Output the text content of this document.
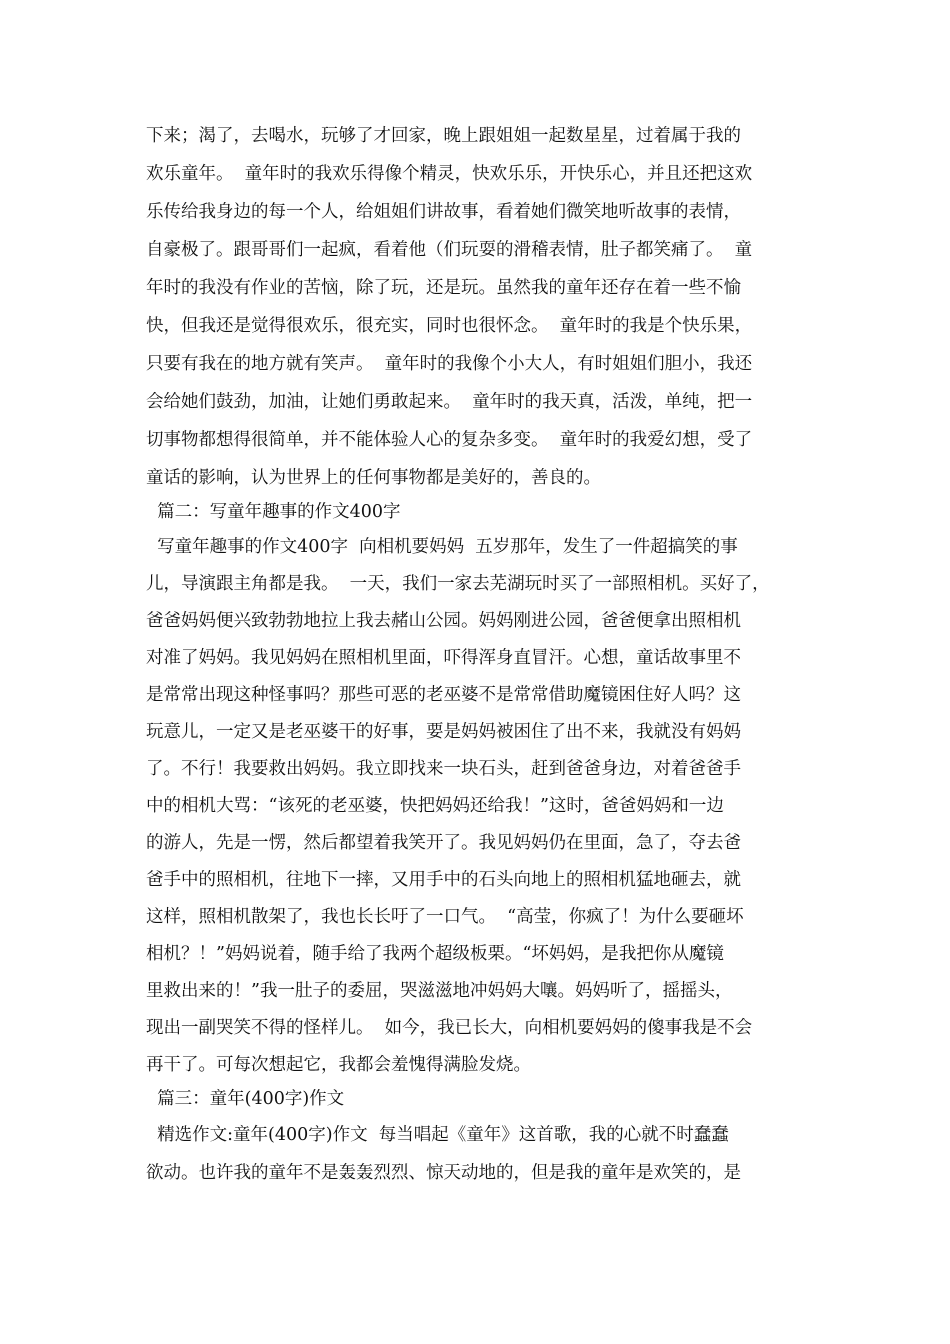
下来；渴了，去喝水，玩够了才回家，晚上跟姐姐一起数星星，过着属于我的
欢乐童年。  童年时的我欢乐得像个精灵，快欢乐乐，开快乐心，并且还把这欢
乐传给我身边的每一个人，给姐姐们讲故事，看着她们微笑地听故事的表情，
自豪极了。跟哥哥们一起疯，看着他（们玩耍的滑稽表情，肚子都笑痛了。  童
年时的我没有作业的苦恼，除了玩，还是玩。虽然我的童年还存在着一些不愉
快，但我还是觉得很欢乐，很充实，同时也很怀念。  童年时的我是个快乐果，
只要有我在的地方就有笑声。  童年时的我像个小大人，有时姐姐们胆小，我还
会给她们鼓劲，加油，让她们勇敢起来。  童年时的我天真，活泼，单纯，把一
切事物都想得很简单，并不能体验人心的复杂多变。  童年时的我爱幻想，受了
童话的影响，认为世界上的任何事物都是美好的，善良的。
篇二：写童年趣事的作文400字
写童年趣事的作文400字  向相机要妈妈  五岁那年，发生了一件超搞笑的事
儿，导演跟主角都是我。  一天，我们一家去芜湖玩时买了一部照相机。买好了，
爸爸妈妈便兴致勃勃地拉上我去赭山公园。妈妈刚进公园，爸爸便拿出照相机
对准了妈妈。我见妈妈在照相机里面，吓得浑身直冒汗。心想，童话故事里不
是常常出现这种怪事吗？那些可恶的老巫婆不是常常借助魔镜困住好人吗？这
玩意儿，一定又是老巫婆干的好事，要是妈妈被困住了出不来，我就没有妈妈
了。不行！我要救出妈妈。我立即找来一块石头，赶到爸爸身边，对着爸爸手
中的相机大骂：“该死的老巫婆，快把妈妈还给我！”这时，爸爸妈妈和一边
的游人，先是一愣，然后都望着我笑开了。我见妈妈仍在里面，急了，夺去爸
爸手中的照相机，往地下一摔，又用手中的石头向地上的照相机猛地砸去，就
这样，照相机散架了，我也长长吁了一口气。  “高莹，你疯了！为什么要砸坏
相机？！”妈妈说着，随手给了我两个超级板栗。“坏妈妈，是我把你从魔镜
里救出来的！”我一肚子的委屈，哭滋滋地冲妈妈大嚷。妈妈听了，摇摇头，
现出一副哭笑不得的怪样儿。  如今，我已长大，向相机要妈妈的傻事我是不会
再干了。可每次想起它，我都会羞愧得满脸发烧。
篇三：童年(400字)作文
精选作文:童年(400字)作文  每当唱起《童年》这首歌，我的心就不时蠢蠢
欲动。也许我的童年不是轰轰烈烈、惊天动地的，但是我的童年是欢笑的，是
